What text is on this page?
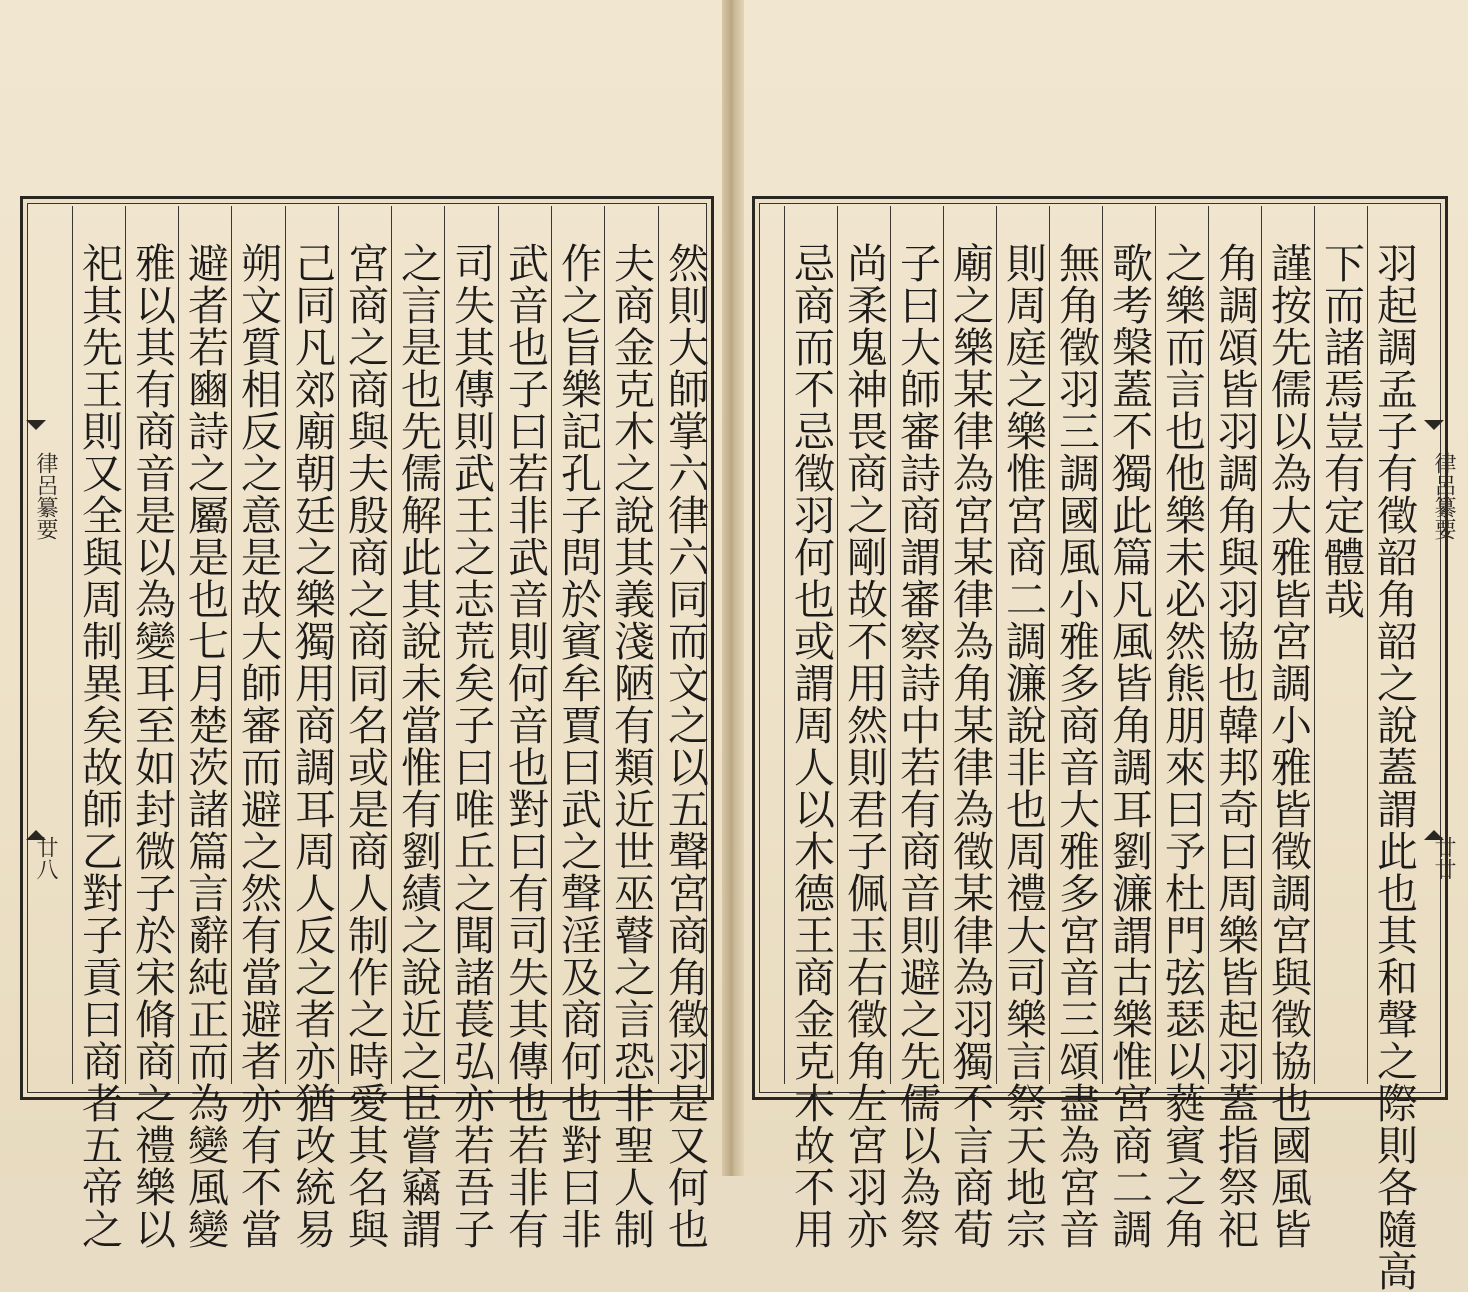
律呂纂要
廿八
律呂纂要
廿廿
羽起調孟子有徵韶角韶之說蓋謂此也其和聲之際則各隨高
下而諸焉豈有定體哉
謹按先儒以為大雅皆宮調小雅皆徵調宮與徵協也國風皆
角調頌皆羽調角與羽協也韓邦奇曰周樂皆起羽蓋指祭祀
之樂而言也他樂未必然熊朋來曰予杜門弦瑟以蕤賓之角
歌考槃蓋不獨此篇凡風皆角調耳劉濂謂古樂惟宮商二調
無角徵羽三調國風小雅多商音大雅多宮音三頌盡為宮音
則周庭之樂惟宮商二調濂說非也周禮大司樂言祭天地宗
廟之樂某律為宮某律為角某律為徵某律為羽獨不言商荀
子曰大師審詩商謂審察詩中若有商音則避之先儒以為祭
尚柔鬼神畏商之剛故不用然則君子佩玉右徵角左宮羽亦
忌商而不忌徵羽何也或謂周人以木德王商金克木故不用
然則大師掌六律六同而文之以五聲宮商角徵羽是又何也
夫商金克木之說其義淺陋有類近世巫瞽之言恐非聖人制
作之旨樂記孔子問於賓牟賈曰武之聲淫及商何也對曰非
武音也子曰若非武音則何音也對曰有司失其傳也若非有
司失其傳則武王之志荒矣子曰唯丘之聞諸萇弘亦若吾子
之言是也先儒解此其說未當惟有劉績之說近之臣嘗竊謂
宮商之商與夫殷商之商同名或是商人制作之時愛其名與
己同凡郊廟朝廷之樂獨用商調耳周人反之者亦猶改統易
朔文質相反之意是故大師審而避之然有當避者亦有不當
避者若豳詩之屬是也七月楚茨諸篇言辭純正而為變風變
雅以其有商音是以為變耳至如封微子於宋脩商之禮樂以
祀其先王則又全與周制異矣故師乙對子貢曰商者五帝之
